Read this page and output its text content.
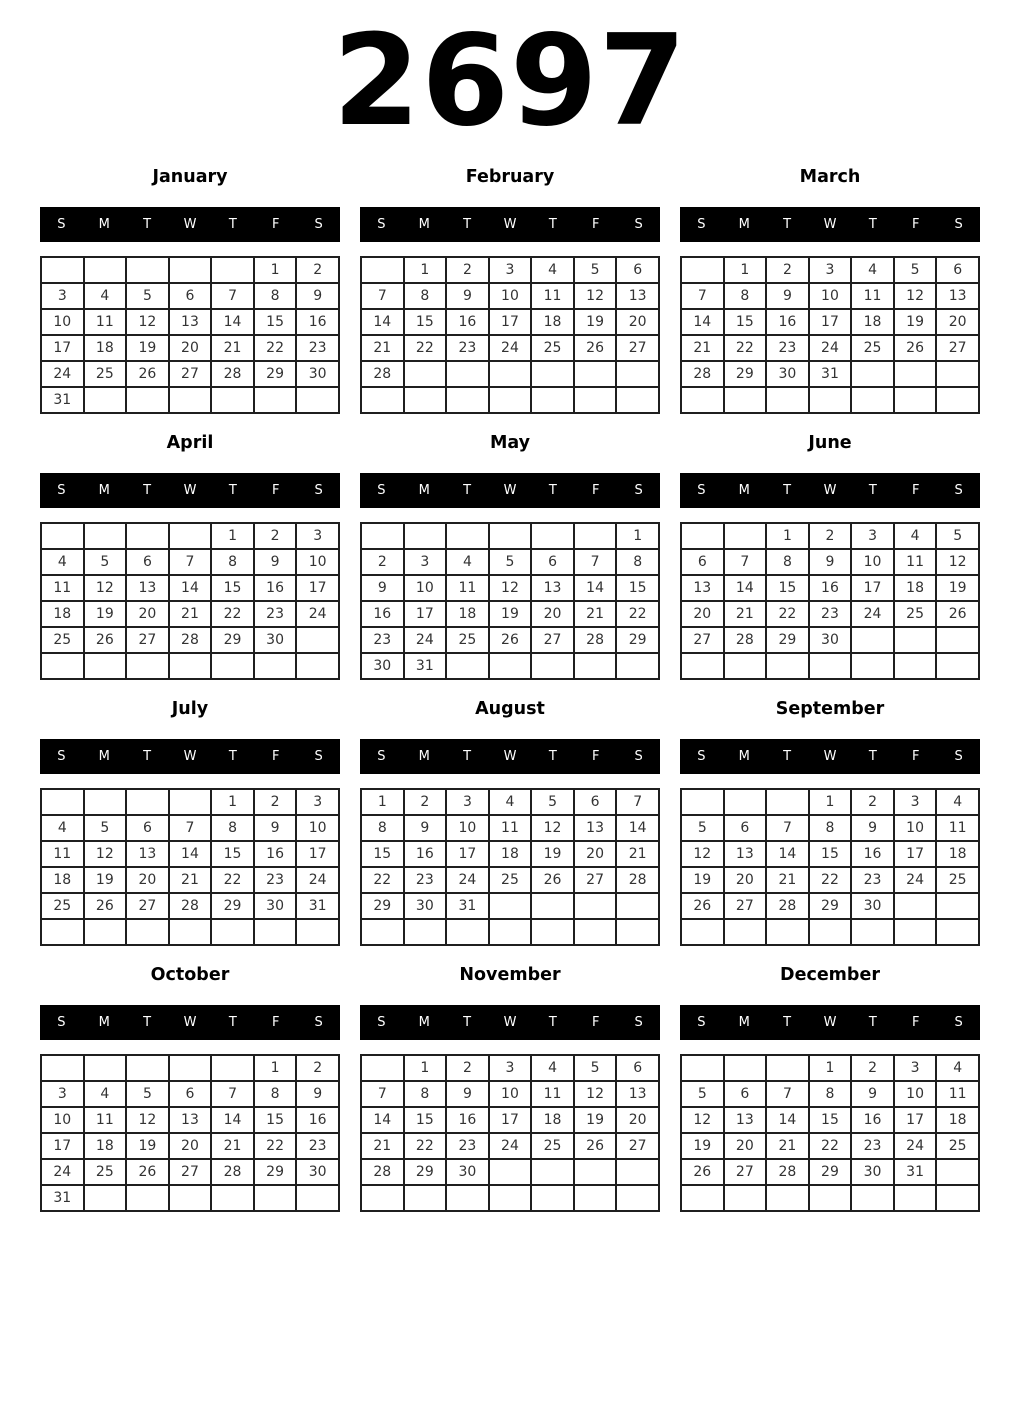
2697
January
S	M	T	W	T	F	S
					1	2
3	4	5	6	7	8	9
10	11	12	13	14	15	16
17	18	19	20	21	22	23
24	25	26	27	28	29	30
31						
February
S	M	T	W	T	F	S
	1	2	3	4	5	6
7	8	9	10	11	12	13
14	15	16	17	18	19	20
21	22	23	24	25	26	27
28						

March
S	M	T	W	T	F	S
	1	2	3	4	5	6
7	8	9	10	11	12	13
14	15	16	17	18	19	20
21	22	23	24	25	26	27
28	29	30	31			

April
S	M	T	W	T	F	S
				1	2	3
4	5	6	7	8	9	10
11	12	13	14	15	16	17
18	19	20	21	22	23	24
25	26	27	28	29	30	

May
S	M	T	W	T	F	S
						1
2	3	4	5	6	7	8
9	10	11	12	13	14	15
16	17	18	19	20	21	22
23	24	25	26	27	28	29
30	31					
June
S	M	T	W	T	F	S
		1	2	3	4	5
6	7	8	9	10	11	12
13	14	15	16	17	18	19
20	21	22	23	24	25	26
27	28	29	30			

July
S	M	T	W	T	F	S
				1	2	3
4	5	6	7	8	9	10
11	12	13	14	15	16	17
18	19	20	21	22	23	24
25	26	27	28	29	30	31

August
S	M	T	W	T	F	S
1	2	3	4	5	6	7
8	9	10	11	12	13	14
15	16	17	18	19	20	21
22	23	24	25	26	27	28
29	30	31				

September
S	M	T	W	T	F	S
			1	2	3	4
5	6	7	8	9	10	11
12	13	14	15	16	17	18
19	20	21	22	23	24	25
26	27	28	29	30		

October
S	M	T	W	T	F	S
					1	2
3	4	5	6	7	8	9
10	11	12	13	14	15	16
17	18	19	20	21	22	23
24	25	26	27	28	29	30
31						
November
S	M	T	W	T	F	S
	1	2	3	4	5	6
7	8	9	10	11	12	13
14	15	16	17	18	19	20
21	22	23	24	25	26	27
28	29	30				

December
S	M	T	W	T	F	S
			1	2	3	4
5	6	7	8	9	10	11
12	13	14	15	16	17	18
19	20	21	22	23	24	25
26	27	28	29	30	31	
